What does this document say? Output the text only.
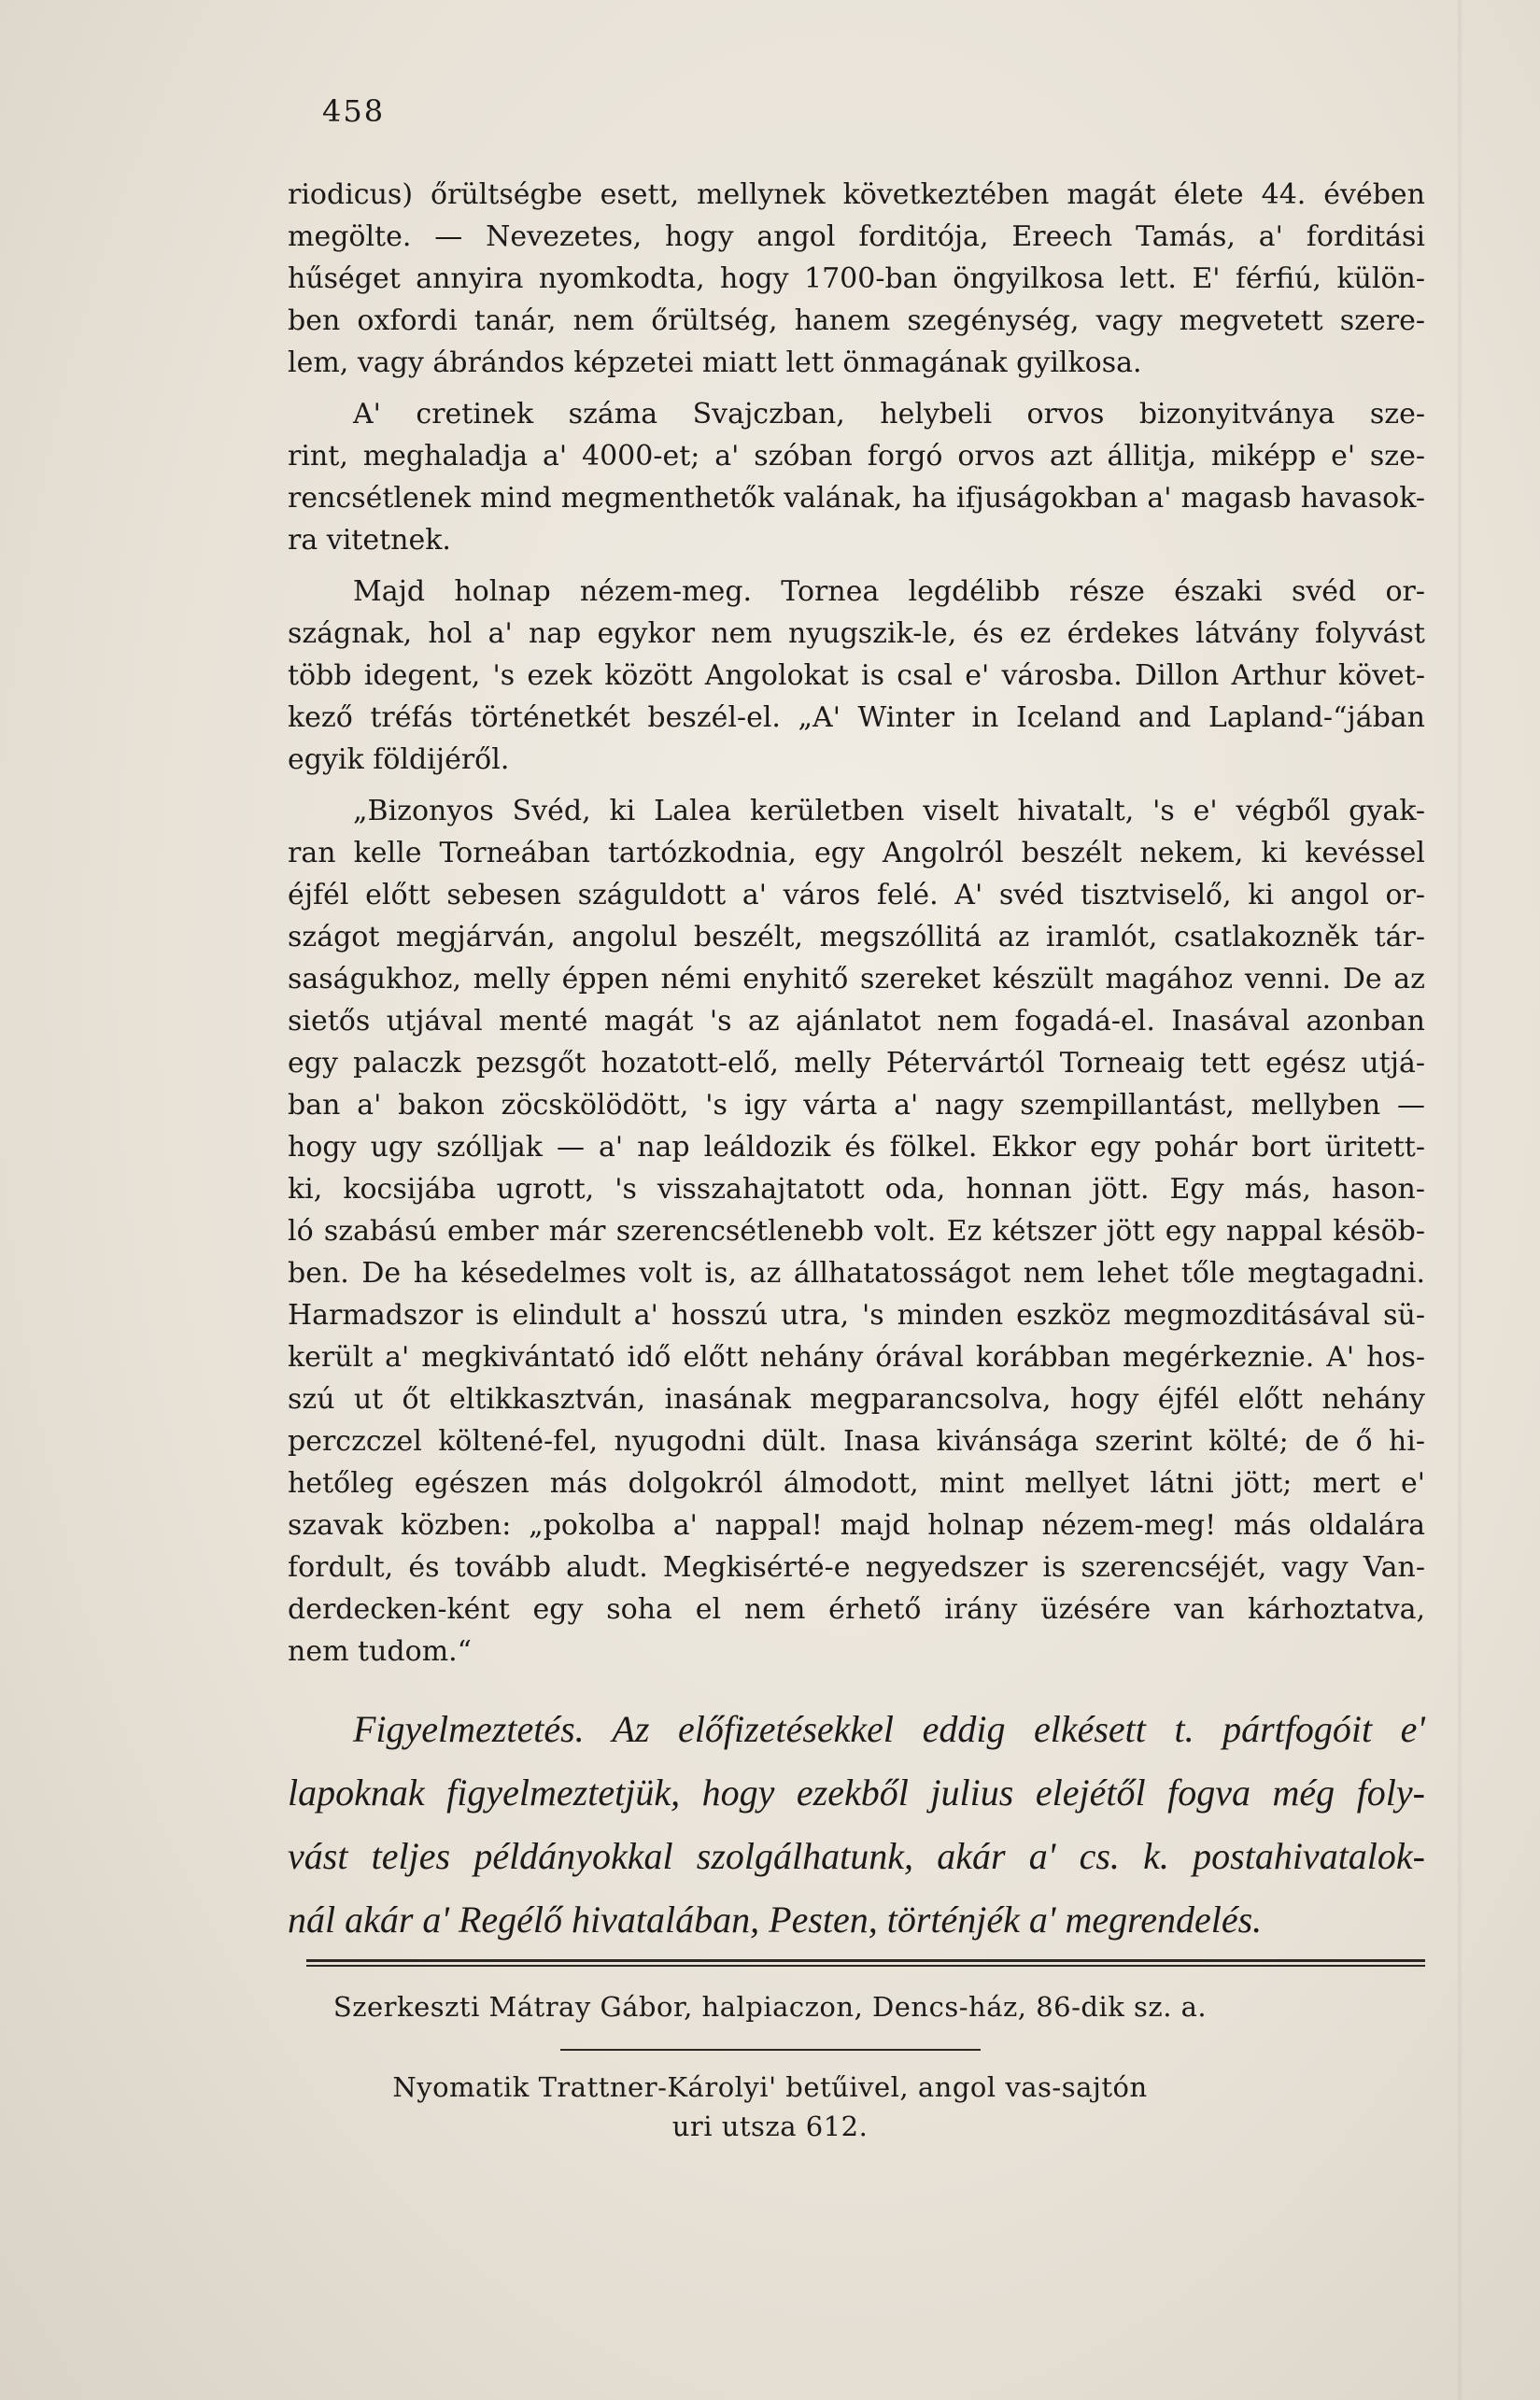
458
riodicus) őrültségbe esett, mellynek következtében magát élete 44. évében
megölte. — Nevezetes, hogy angol forditója, Ereech Tamás, a' forditási
hűséget annyira nyomkodta, hogy 1700-ban öngyilkosa lett. E' férfiú, külön-
ben oxfordi tanár, nem őrültség, hanem szegénység, vagy megvetett szere-
lem, vagy ábrándos képzetei miatt lett önmagának gyilkosa.
A' cretinek száma Svajczban, helybeli orvos bizonyitványa sze-
rint, meghaladja a' 4000-et; a' szóban forgó orvos azt állitja, miképp e' sze-
rencsétlenek mind megmenthetők valának, ha ifjuságokban a' magasb havasok-
ra vitetnek.
Majd holnap nézem-meg. Tornea legdélibb része északi svéd or-
szágnak, hol a' nap egykor nem nyugszik-le, és ez érdekes látvány folyvást
több idegent, 's ezek között Angolokat is csal e' városba. Dillon Arthur követ-
kező tréfás történetkét beszél-el. „A' Winter in Iceland and Lapland-“jában
egyik földijéről.
„Bizonyos Svéd, ki Lalea kerületben viselt hivatalt, 's e' végből gyak-
ran kelle Torneában tartózkodnia, egy Angolról beszélt nekem, ki kevéssel
éjfél előtt sebesen száguldott a' város felé. A' svéd tisztviselő, ki angol or-
szágot megjárván, angolul beszélt, megszóllitá az iramlót, csatlakozněk tár-
saságukhoz, melly éppen némi enyhitő szereket készült magához venni. De az
sietős utjával menté magát 's az ajánlatot nem fogadá-el. Inasával azonban
egy palaczk pezsgőt hozatott-elő, melly Pétervártól Torneaig tett egész utjá-
ban a' bakon zöcskölödött, 's igy várta a' nagy szempillantást, mellyben —
hogy ugy szólljak — a' nap leáldozik és fölkel. Ekkor egy pohár bort üritett-
ki, kocsijába ugrott, 's visszahajtatott oda, honnan jött. Egy más, hason-
ló szabású ember már szerencsétlenebb volt. Ez kétszer jött egy nappal késöb-
ben. De ha késedelmes volt is, az állhatatosságot nem lehet tőle megtagadni.
Harmadszor is elindult a' hosszú utra, 's minden eszköz megmozditásával sü-
került a' megkivántató idő előtt nehány órával korábban megérkeznie. A' hos-
szú ut őt eltikkasztván, inasának megparancsolva, hogy éjfél előtt nehány
perczczel költené-fel, nyugodni dült. Inasa kivánsága szerint költé; de ő hi-
hetőleg egészen más dolgokról álmodott, mint mellyet látni jött; mert e'
szavak közben: „pokolba a' nappal! majd holnap nézem-meg! más oldalára
fordult, és tovább aludt. Megkisérté-e negyedszer is szerencséjét, vagy Van-
derdecken-ként egy soha el nem érhető irány üzésére van kárhoztatva,
nem tudom.“
Figyelmeztetés. Az előfizetésekkel eddig elkésett t. pártfogóit e'
lapoknak figyelmeztetjük, hogy ezekből julius elejétől fogva még foly-
vást teljes példányokkal szolgálhatunk, akár a' cs. k. postahivatalok-
nál akár a' Regélő hivatalában, Pesten, történjék a' megrendelés.
Szerkeszti Mátray Gábor, halpiaczon, Dencs-ház, 86-dik sz. a.
Nyomatik Trattner-Károlyi' betűivel, angol vas-sajtón
uri utsza 612.
